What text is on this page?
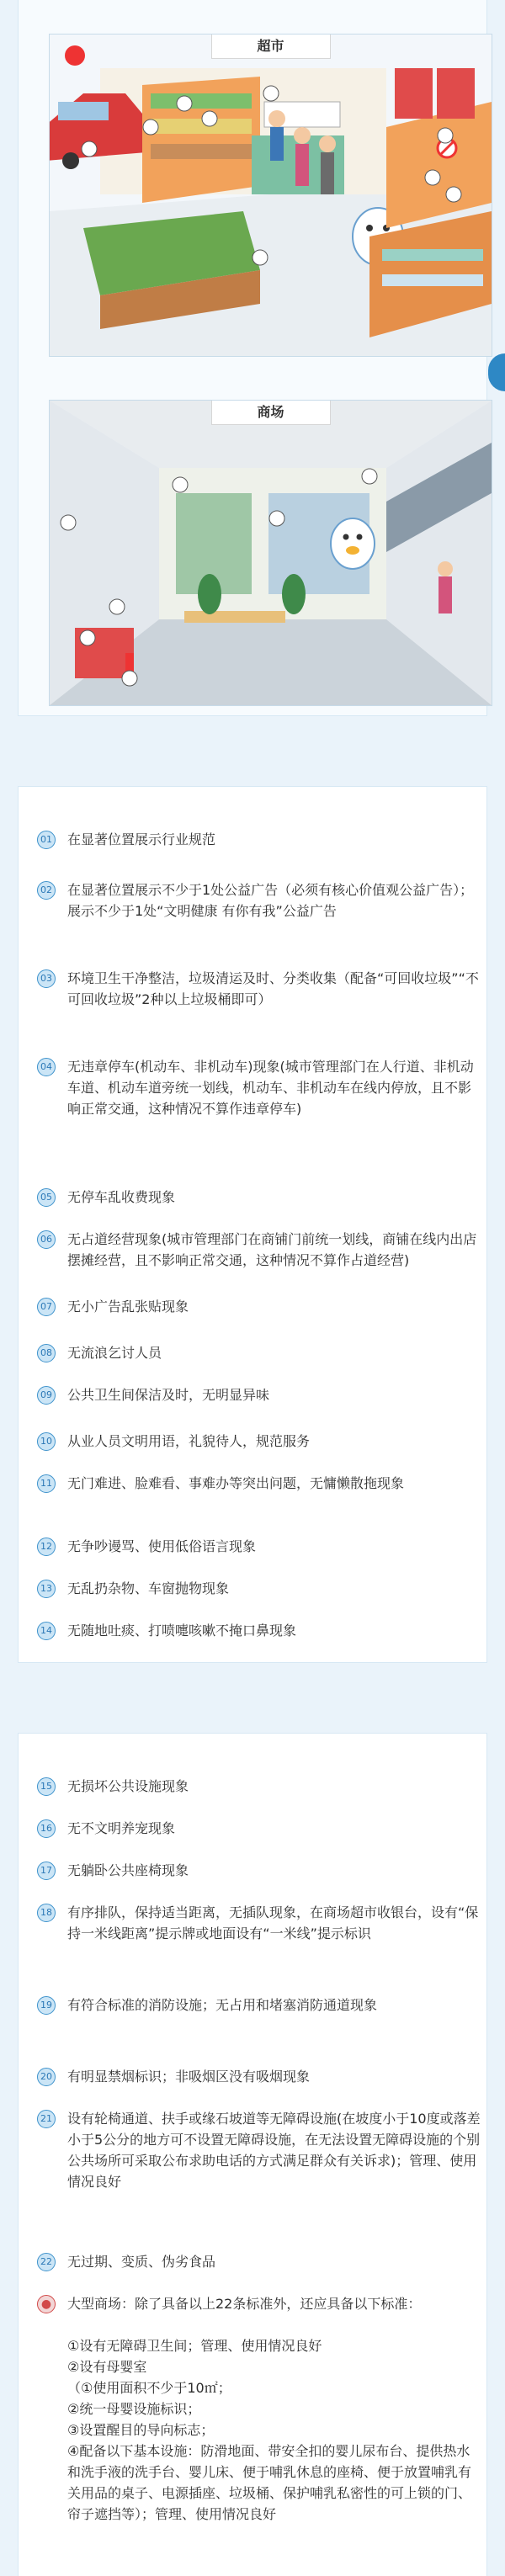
超市
商场
01 在显著位置展示行业规范
02 在显著位置展示不少于1处公益广告（必须有核心价值观公益广告）；展示不少于1处“文明健康 有你有我”公益广告
03 环境卫生干净整洁，垃圾清运及时、分类收集（配备“可回收垃圾”“不可回收垃圾”2种以上垃圾桶即可）
04 无违章停车(机动车、非机动车)现象(城市管理部门在人行道、非机动车道、机动车道旁统一划线，机动车、非机动车在线内停放，且不影响正常交通，这种情况不算作违章停车)
05 无停车乱收费现象
06 无占道经营现象(城市管理部门在商铺门前统一划线，商铺在线内出店摆摊经营，且不影响正常交通，这种情况不算作占道经营)
07 无小广告乱张贴现象
08 无流浪乞讨人员
09 公共卫生间保洁及时，无明显异味
10 从业人员文明用语，礼貌待人，规范服务
11 无门难进、脸难看、事难办等突出问题，无慵懒散拖现象
12 无争吵谩骂、使用低俗语言现象
13 无乱扔杂物、车窗抛物现象
14 无随地吐痰、打喷嚏咳嗽不掩口鼻现象
15 无损坏公共设施现象
16 无不文明养宠现象
17 无躺卧公共座椅现象
18 有序排队，保持适当距离，无插队现象，在商场超市收银台，设有“保持一米线距离”提示牌或地面设有“一米线”提示标识
19 有符合标准的消防设施；无占用和堵塞消防通道现象
20 有明显禁烟标识；非吸烟区没有吸烟现象
21 设有轮椅通道、扶手或缘石坡道等无障碍设施(在坡度小于10度或落差小于5公分的地方可不设置无障碍设施，在无法设置无障碍设施的个别公共场所可采取公布求助电话的方式满足群众有关诉求)；管理、使用情况良好
22 无过期、变质、伪劣食品
●	大型商场：除了具备以上22条标准外，还应具备以下标准：

①设有无障碍卫生间；管理、使用情况良好
②设有母婴室
（①使用面积不少于10㎡；
②统一母婴设施标识；
③设置醒目的导向标志；
④配备以下基本设施：防滑地面、带安全扣的婴儿尿布台、提供热水和洗手液的洗手台、婴儿床、便于哺乳休息的座椅、便于放置哺乳有关用品的桌子、电源插座、垃圾桶、保护哺乳私密性的可上锁的门、帘子遮挡等）；管理、使用情况良好
